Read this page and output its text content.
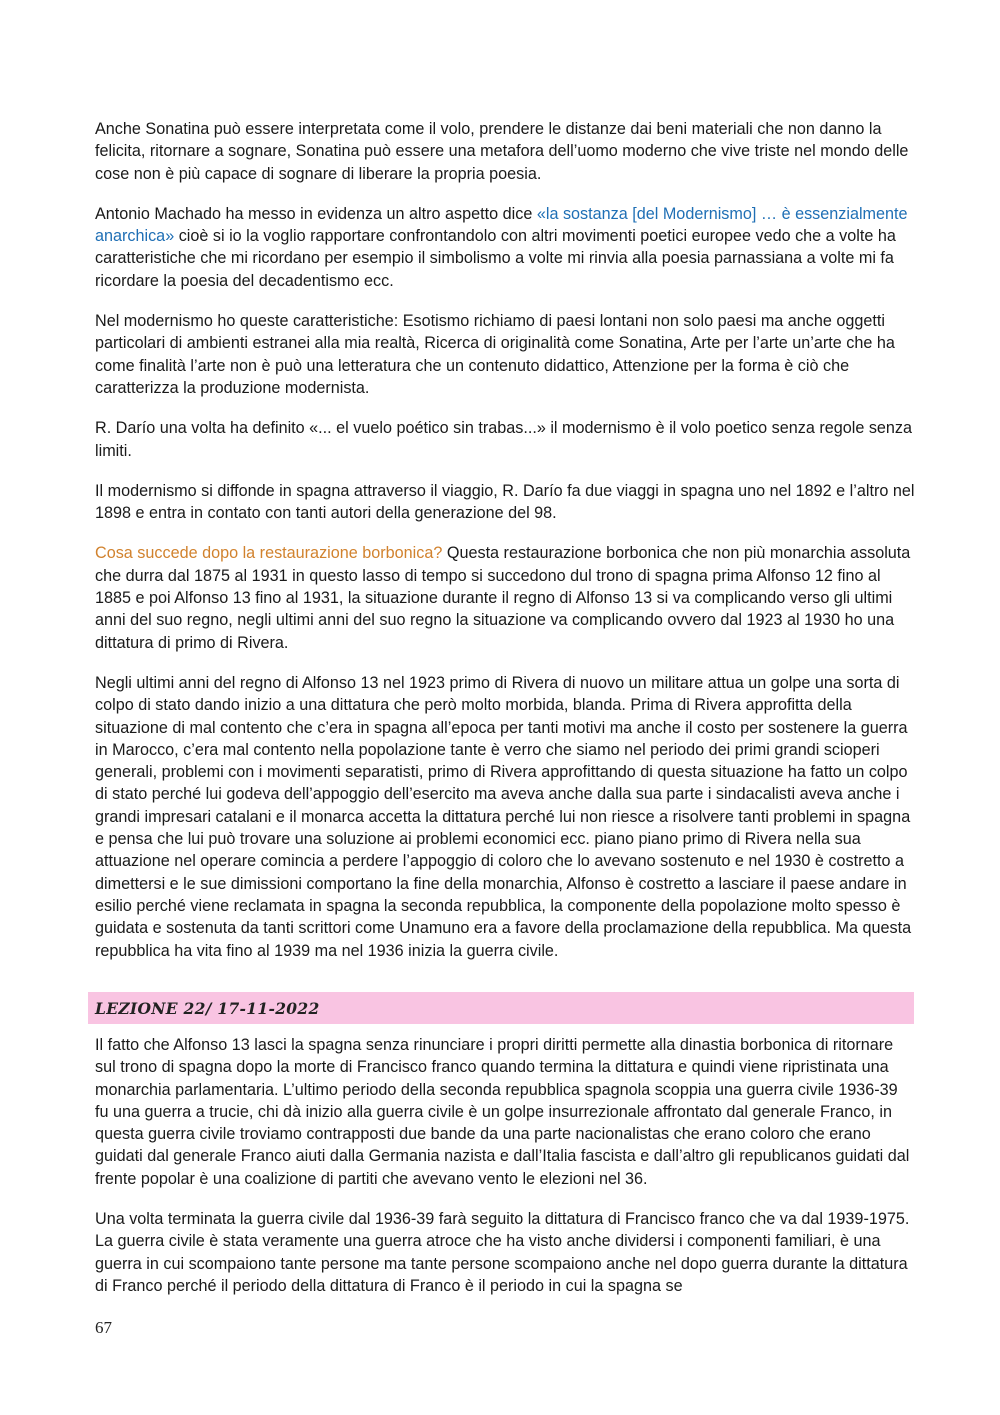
Anche Sonatina può essere interpretata come il volo, prendere le distanze dai beni materiali che non danno la felicita, ritornare a sognare, Sonatina può essere una metafora dell’uomo moderno che vive triste nel mondo delle cose non è più capace di sognare di liberare la propria poesia.

Antonio Machado ha messo in evidenza un altro aspetto dice «la sostanza [del Modernismo] … è essenzialmente anarchica» cioè si io la voglio rapportare confrontandolo con altri movimenti poetici europee vedo che a volte ha caratteristiche che mi ricordano per esempio il simbolismo a volte mi rinvia alla poesia parnassiana a volte mi fa ricordare la poesia del decadentismo ecc.

Nel modernismo ho queste caratteristiche: Esotismo richiamo di paesi lontani non solo paesi ma anche oggetti particolari di ambienti estranei alla mia realtà, Ricerca di originalità come Sonatina, Arte per l’arte un’arte che ha come finalità l’arte non è può una letteratura che un contenuto didattico, Attenzione per la forma è ciò che caratterizza la produzione modernista.

R. Darío una volta ha definito «... el vuelo poético sin trabas...» il modernismo è il volo poetico senza regole senza limiti.

Il modernismo si diffonde in spagna attraverso il viaggio, R. Darío fa due viaggi in spagna uno nel 1892 e l’altro nel 1898 e entra in contato con tanti autori della generazione del 98.

Cosa succede dopo la restaurazione borbonica? Questa restaurazione borbonica che non più monarchia assoluta che durra dal 1875 al 1931 in questo lasso di tempo si succedono dul trono di spagna prima Alfonso 12 fino al 1885 e poi Alfonso 13 fino al 1931, la situazione durante il regno di Alfonso 13 si va complicando verso gli ultimi anni del suo regno, negli ultimi anni del suo regno la situazione va complicando ovvero dal 1923 al 1930 ho una dittatura di primo di Rivera.

Negli ultimi anni del regno di Alfonso 13 nel 1923 primo di Rivera di nuovo un militare attua un golpe una sorta di colpo di stato dando inizio a una dittatura che però molto morbida, blanda. Prima di Rivera approfitta della situazione di mal contento che c’era in spagna all’epoca per tanti motivi ma anche il costo per sostenere la guerra in Marocco, c’era mal contento nella popolazione tante è verro che siamo nel periodo dei primi grandi scioperi generali, problemi con i movimenti separatisti, primo di Rivera approfittando di questa situazione ha fatto un colpo di stato perché lui godeva dell’appoggio dell’esercito ma aveva anche dalla sua parte i sindacalisti aveva anche i grandi impresari catalani e il monarca accetta la dittatura perché lui non riesce a risolvere tanti problemi in spagna e pensa che lui può trovare una soluzione ai problemi economici ecc. piano piano primo di Rivera nella sua attuazione nel operare comincia a perdere l’appoggio di coloro che lo avevano sostenuto e nel 1930 è costretto a dimettersi e le sue dimissioni comportano la fine della monarchia, Alfonso è costretto a lasciare il paese andare in esilio perché viene reclamata in spagna la seconda repubblica, la componente della popolazione molto spesso è guidata e sostenuta da tanti scrittori come Unamuno era a favore della proclamazione della repubblica. Ma questa repubblica ha vita fino al 1939 ma nel 1936 inizia la guerra civile.

LEZIONE 22/ 17-11-2022

Il fatto che Alfonso 13 lasci la spagna senza rinunciare i propri diritti permette alla dinastia borbonica di ritornare sul trono di spagna dopo la morte di Francisco franco quando termina la dittatura e quindi viene ripristinata una monarchia parlamentaria. L’ultimo periodo della seconda repubblica spagnola scoppia una guerra civile 1936-39 fu una guerra a trucie, chi dà inizio alla guerra civile è un golpe insurrezionale affrontato dal generale Franco, in questa guerra civile troviamo contrapposti due bande da una parte nacionalistas che erano coloro che erano guidati dal generale Franco aiuti dalla Germania nazista e dall’Italia fascista e dall’altro gli republicanos guidati dal frente popolar è una coalizione di partiti che avevano vento le elezioni nel 36.

Una volta terminata la guerra civile dal 1936-39 farà seguito la dittatura di Francisco franco che va dal 1939-1975. La guerra civile è stata veramente una guerra atroce che ha visto anche dividersi i componenti familiari, è una guerra in cui scompaiono tante persone ma tante persone scompaiono anche nel dopo guerra durante la dittatura di Franco perché il periodo della dittatura di Franco è il periodo in cui la spagna se

67
